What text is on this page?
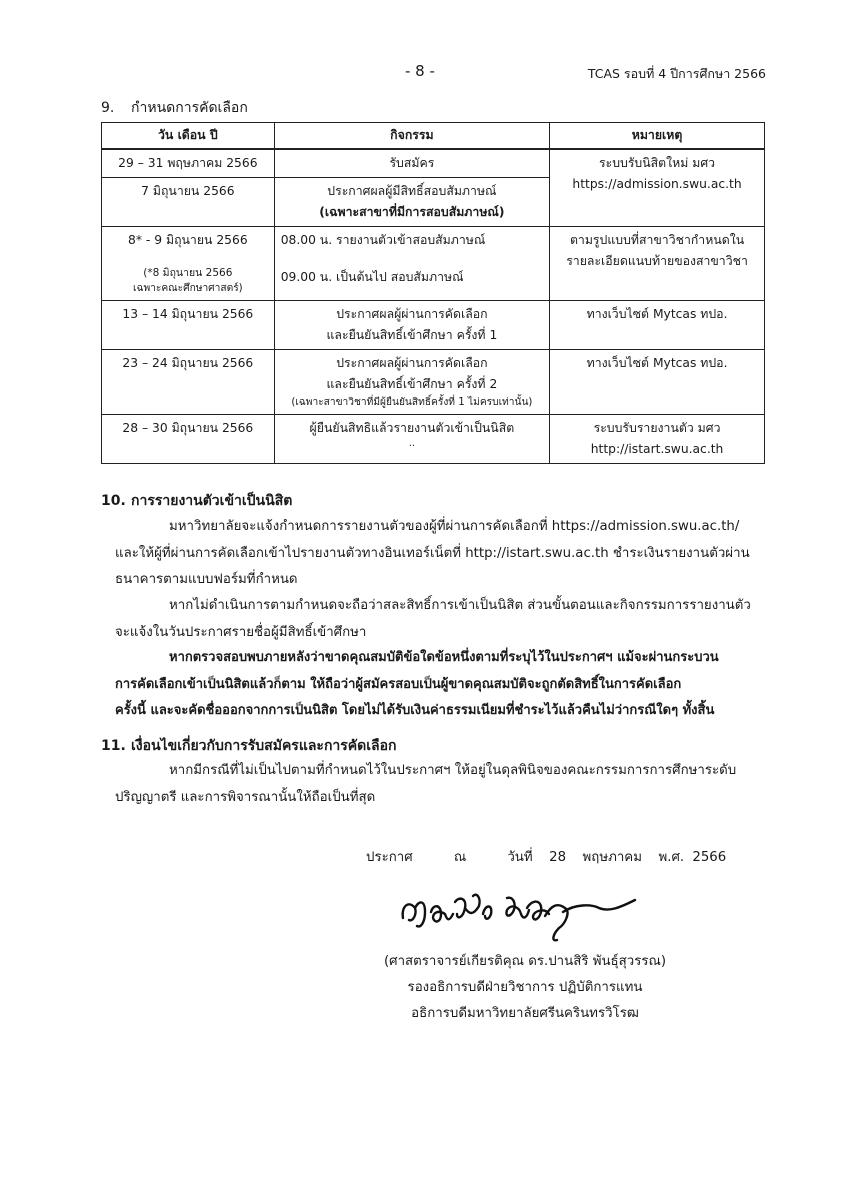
- 8 -	TCAS รอบที่ 4 ปีการศึกษา 2566
9. กำหนดการคัดเลือก
วัน เดือน ปี	กิจกรรม	หมายเหตุ
29 – 31 พฤษภาคม 2566	รับสมัคร	ระบบรับนิสิตใหม่ มศว
https://admission.swu.ac.th

7 มิถุนายน 2566	ประกาศผลผู้มีสิทธิ์สอบสัมภาษณ์
(เฉพาะสาขาที่มีการสอบสัมภาษณ์)	

8* - 9 มิถุนายน 2566
(*8 มิถุนายน 2566
เฉพาะคณะศึกษาศาสตร์)	08.00 น. รายงานตัวเข้าสอบสัมภาษณ์
09.00 น. เป็นต้นไป สอบสัมภาษณ์	ตามรูปแบบที่สาขาวิชากำหนดใน
รายละเอียดแนบท้ายของสาขาวิชา

13 – 14 มิถุนายน 2566	ประกาศผลผู้ผ่านการคัดเลือก
และยืนยันสิทธิ์เข้าศึกษา ครั้งที่ 1	ทางเว็บไซต์ Mytcas ทปอ.
23 – 24 มิถุนายน 2566	ประกาศผลผู้ผ่านการคัดเลือก
และยืนยันสิทธิ์เข้าศึกษา ครั้งที่ 2
(เฉพาะสาขาวิชาที่มีผู้ยืนยันสิทธิ์ครั้งที่ 1 ไม่ครบเท่านั้น)	ทางเว็บไซต์ Mytcas ทปอ.
28 – 30 มิถุนายน 2566	ผู้ยืนยันสิทธิแล้วรายงานตัวเข้าเป็นนิสิต
..	ระบบรับรายงานตัว มศว
http://istart.swu.ac.th
10. การรายงานตัวเข้าเป็นนิสิต
มหาวิทยาลัยจะแจ้งกำหนดการรายงานตัวของผู้ที่ผ่านการคัดเลือกที่ https://admission.swu.ac.th/
และให้ผู้ที่ผ่านการคัดเลือกเข้าไปรายงานตัวทางอินเทอร์เน็ตที่ http://istart.swu.ac.th ชำระเงินรายงานตัวผ่าน
ธนาคารตามแบบฟอร์มที่กำหนด
หากไม่ดำเนินการตามกำหนดจะถือว่าสละสิทธิ์การเข้าเป็นนิสิต ส่วนขั้นตอนและกิจกรรมการรายงานตัว
จะแจ้งในวันประกาศรายชื่อผู้มีสิทธิ์เข้าศึกษา
หากตรวจสอบพบภายหลังว่าขาดคุณสมบัติข้อใดข้อหนึ่งตามที่ระบุไว้ในประกาศฯ แม้จะผ่านกระบวน
การคัดเลือกเข้าเป็นนิสิตแล้วก็ตาม ให้ถือว่าผู้สมัครสอบเป็นผู้ขาดคุณสมบัติจะถูกตัดสิทธิ์ในการคัดเลือก
ครั้งนี้ และจะคัดชื่อออกจากการเป็นนิสิต โดยไม่ได้รับเงินค่าธรรมเนียมที่ชำระไว้แล้วคืนไม่ว่ากรณีใดๆ ทั้งสิ้น
11. เงื่อนไขเกี่ยวกับการรับสมัครและการคัดเลือก
หากมีกรณีที่ไม่เป็นไปตามที่กำหนดไว้ในประกาศฯ ให้อยู่ในดุลพินิจของคณะกรรมการการศึกษาระดับ
ปริญญาตรี และการพิจารณานั้นให้ถือเป็นที่สุด
ประกาศ	ณ	วันที่ 28 พฤษภาคม พ.ศ. 2566
(ศาสตราจารย์เกียรติคุณ ดร.ปานสิริ พันธุ์สุวรรณ)
รองอธิการบดีฝ่ายวิชาการ ปฏิบัติการแทน
อธิการบดีมหาวิทยาลัยศรีนครินทรวิโรฒ
